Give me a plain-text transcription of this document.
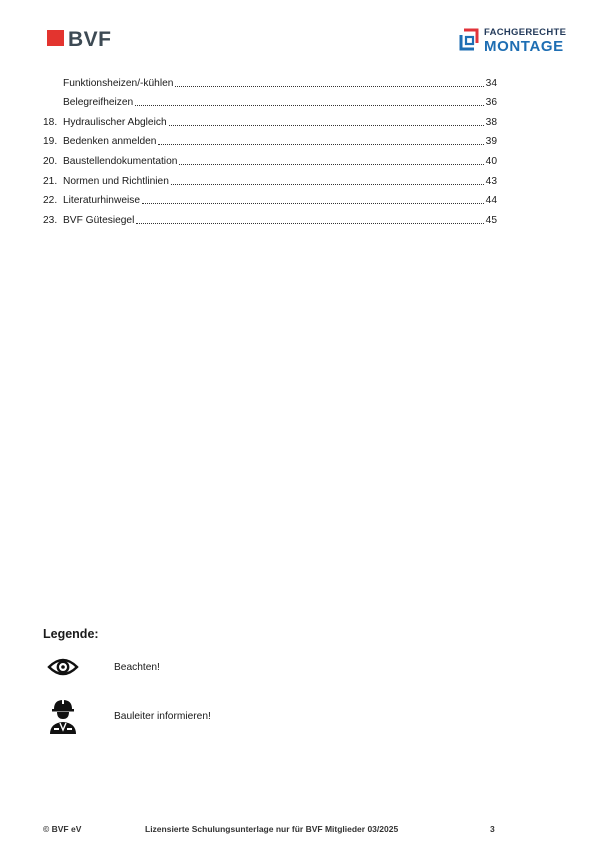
BVF	FACHGERECHTE
MONTAGE
Funktionsheizen/-kühlen	34
Belegreifheizen	36
18. Hydraulischer Abgleich	38
19. Bedenken anmelden	39
20. Baustellendokumentation	40
21. Normen und Richtlinien	43
22. Literaturhinweise	44
23. BVF Gütesiegel	45
Legende:
Beachten!
Bauleiter informieren!
© BVF eV	Lizensierte Schulungsunterlage nur für BVF Mitglieder 03/2025	3
